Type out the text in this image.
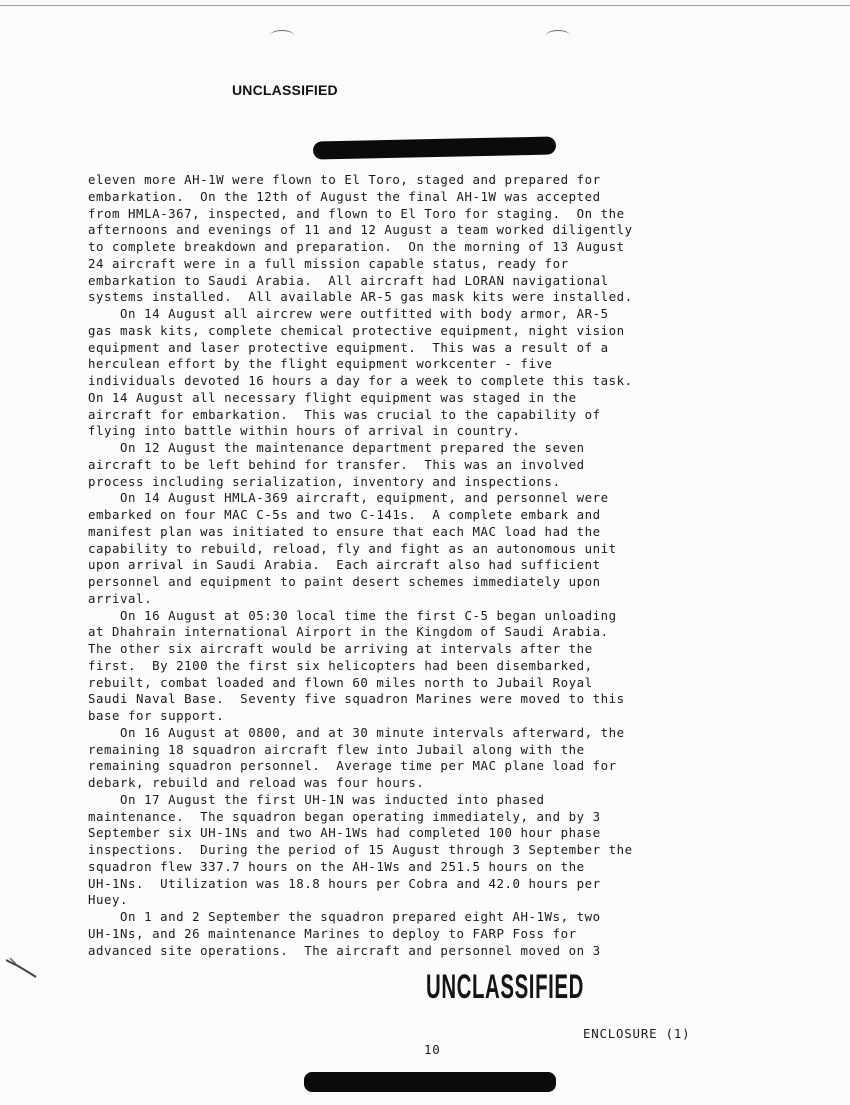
UNCLASSIFIED
eleven more AH-1W were flown to El Toro, staged and prepared for
embarkation.  On the 12th of August the final AH-1W was accepted
from HMLA-367, inspected, and flown to El Toro for staging.  On the
afternoons and evenings of 11 and 12 August a team worked diligently
to complete breakdown and preparation.  On the morning of 13 August
24 aircraft were in a full mission capable status, ready for
embarkation to Saudi Arabia.  All aircraft had LORAN navigational
systems installed.  All available AR-5 gas mask kits were installed.
On 14 August all aircrew were outfitted with body armor, AR-5
gas mask kits, complete chemical protective equipment, night vision
equipment and laser protective equipment.  This was a result of a
herculean effort by the flight equipment workcenter - five
individuals devoted 16 hours a day for a week to complete this task.
On 14 August all necessary flight equipment was staged in the
aircraft for embarkation.  This was crucial to the capability of
flying into battle within hours of arrival in country.
On 12 August the maintenance department prepared the seven
aircraft to be left behind for transfer.  This was an involved
process including serialization, inventory and inspections.
On 14 August HMLA-369 aircraft, equipment, and personnel were
embarked on four MAC C-5s and two C-141s.  A complete embark and
manifest plan was initiated to ensure that each MAC load had the
capability to rebuild, reload, fly and fight as an autonomous unit
upon arrival in Saudi Arabia.  Each aircraft also had sufficient
personnel and equipment to paint desert schemes immediately upon
arrival.
On 16 August at 05:30 local time the first C-5 began unloading
at Dhahrain international Airport in the Kingdom of Saudi Arabia.
The other six aircraft would be arriving at intervals after the
first.  By 2100 the first six helicopters had been disembarked,
rebuilt, combat loaded and flown 60 miles north to Jubail Royal
Saudi Naval Base.  Seventy five squadron Marines were moved to this
base for support.
On 16 August at 0800, and at 30 minute intervals afterward, the
remaining 18 squadron aircraft flew into Jubail along with the
remaining squadron personnel.  Average time per MAC plane load for
debark, rebuild and reload was four hours.
On 17 August the first UH-1N was inducted into phased
maintenance.  The squadron began operating immediately, and by 3
September six UH-1Ns and two AH-1Ws had completed 100 hour phase
inspections.  During the period of 15 August through 3 September the
squadron flew 337.7 hours on the AH-1Ws and 251.5 hours on the
UH-1Ns.  Utilization was 18.8 hours per Cobra and 42.0 hours per
Huey.
On 1 and 2 September the squadron prepared eight AH-1Ws, two
UH-1Ns, and 26 maintenance Marines to deploy to FARP Foss for
advanced site operations.  The aircraft and personnel moved on 3
UNCLASSIFIED
ENCLOSURE (1)
10
